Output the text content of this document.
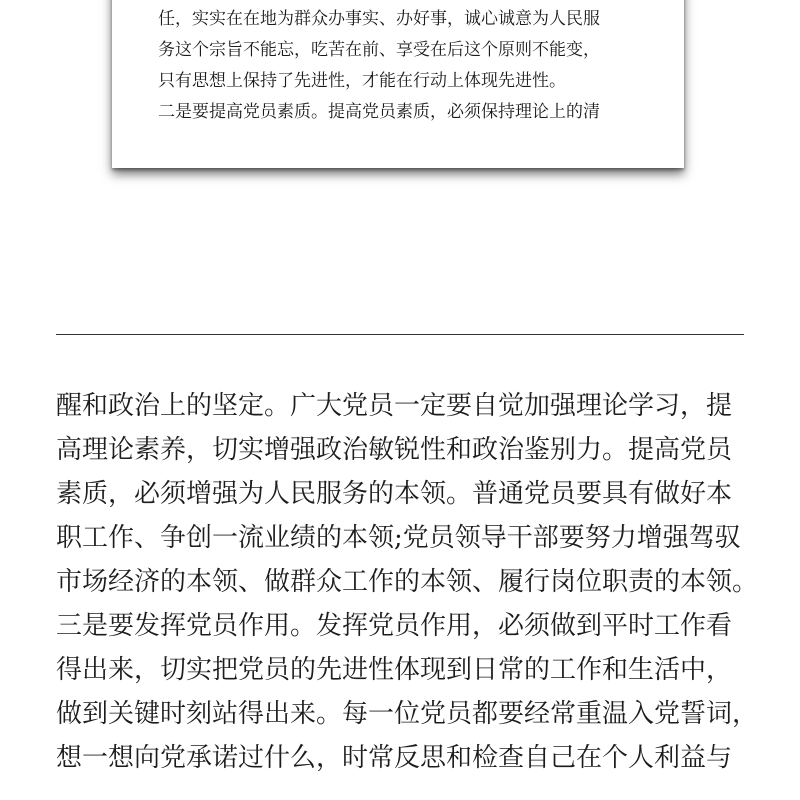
任，实实在在地为群众办事实、办好事，诚心诚意为人民服
务这个宗旨不能忘，吃苦在前、享受在后这个原则不能变，
只有思想上保持了先进性，才能在行动上体现先进性。
二是要提高党员素质。提高党员素质，必须保持理论上的清
醒和政治上的坚定。广大党员一定要自觉加强理论学习，提
高理论素养，切实增强政治敏锐性和政治鉴别力。提高党员
素质，必须增强为人民服务的本领。普通党员要具有做好本
职工作、争创一流业绩的本领;党员领导干部要努力增强驾驭
市场经济的本领、做群众工作的本领、履行岗位职责的本领。
三是要发挥党员作用。发挥党员作用，必须做到平时工作看
得出来，切实把党员的先进性体现到日常的工作和生活中，
做到关键时刻站得出来。每一位党员都要经常重温入党誓词，
想一想向党承诺过什么，时常反思和检查自己在个人利益与
